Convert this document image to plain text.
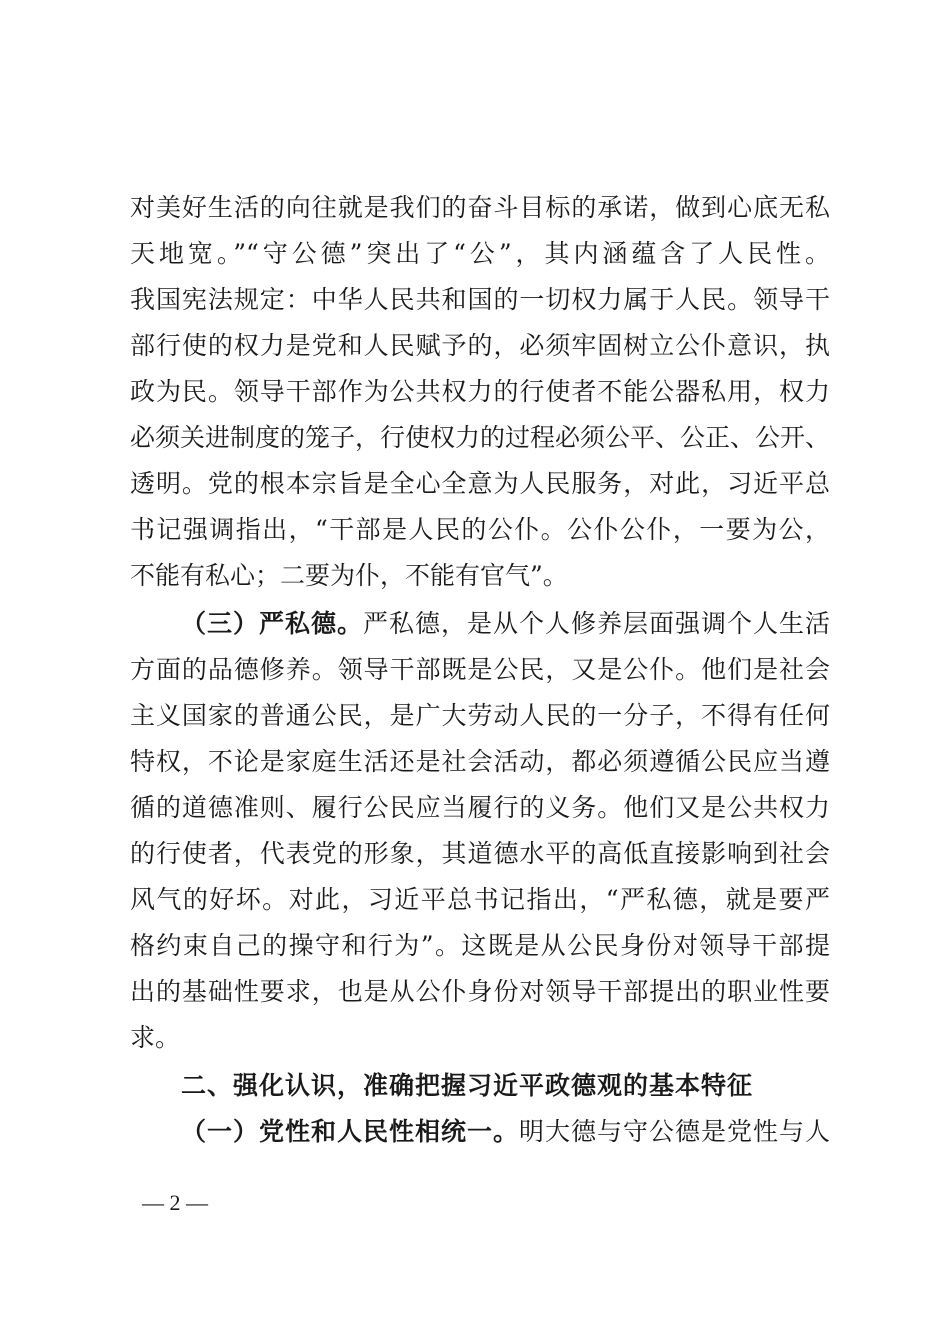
对美好生活的向往就是我们的奋斗目标的承诺，做到心底无私

天地宽。”“守公德”突出了“公”，其内涵蕴含了人民性。

我国宪法规定：中华人民共和国的一切权力属于人民。领导干

部行使的权力是党和人民赋予的，必须牢固树立公仆意识，执

政为民。领导干部作为公共权力的行使者不能公器私用，权力

必须关进制度的笼子，行使权力的过程必须公平、公正、公开、

透明。党的根本宗旨是全心全意为人民服务，对此，习近平总

书记强调指出，“干部是人民的公仆。公仆公仆，一要为公，

不能有私心；二要为仆，不能有官气”。

（三）严私德。严私德，是从个人修养层面强调个人生活

方面的品德修养。领导干部既是公民，又是公仆。他们是社会

主义国家的普通公民，是广大劳动人民的一分子，不得有任何

特权，不论是家庭生活还是社会活动，都必须遵循公民应当遵

循的道德准则、履行公民应当履行的义务。他们又是公共权力

的行使者，代表党的形象，其道德水平的高低直接影响到社会

风气的好坏。对此，习近平总书记指出，“严私德，就是要严

格约束自己的操守和行为”。这既是从公民身份对领导干部提

出的基础性要求，也是从公仆身份对领导干部提出的职业性要

求。

二、强化认识，准确把握习近平政德观的基本特征

（一）党性和人民性相统一。明大德与守公德是党性与人

— 2 —
